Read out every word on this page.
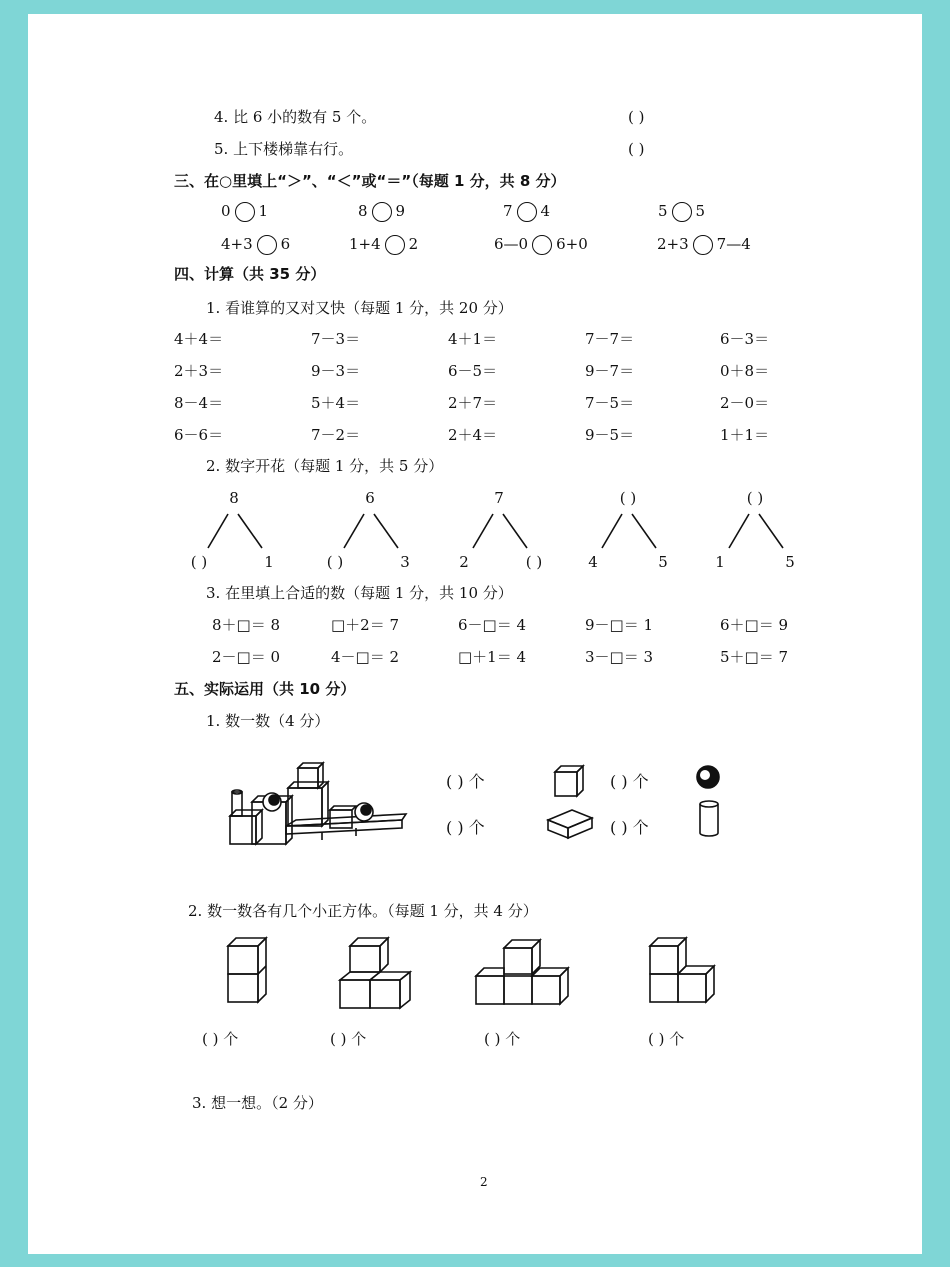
4. 比 6 小的数有 5 个。	( )
5. 上下楼梯靠右行。	( )
三、在○里填上“＞”、“＜”或“＝”（每题 1 分，共 8 分）
0 1	8 9	7 4	5 5
4+3 6	1+4 2	6—0 6+0	2+3 7—4
四、计算（共 35 分）
1. 看谁算的又对又快（每题 1 分，共 20 分）
4＋4＝	7－3＝	4＋1＝	7－7＝	6－3＝
2＋3＝	9－3＝	6－5＝	9－7＝	0＋8＝
8－4＝	5＋4＝	2＋7＝	7－5＝	2－0＝
6－6＝	7－2＝	2＋4＝	9－5＝	1＋1＝
2. 数字开花（每题 1 分，共 5 分）
8
( )	1
6
( )	3
7
2	( )
( )
4	5
( )
1	5
3. 在里填上合适的数（每题 1 分，共 10 分）
8＋□＝ 8	□＋2＝ 7	6－□＝ 4	9－□＝ 1	6＋□＝ 9
2－□＝ 0	4－□＝ 2	□＋1＝ 4	3－□＝ 3	5＋□＝ 7
五、实际运用（共 10 分）
1. 数一数（4 分）
( ) 个	( ) 个
( ) 个	( ) 个
2. 数一数各有几个小正方体。（每题 1 分，共 4 分）
( ) 个	( ) 个	( ) 个	( ) 个
3. 想一想。（2 分）
2
